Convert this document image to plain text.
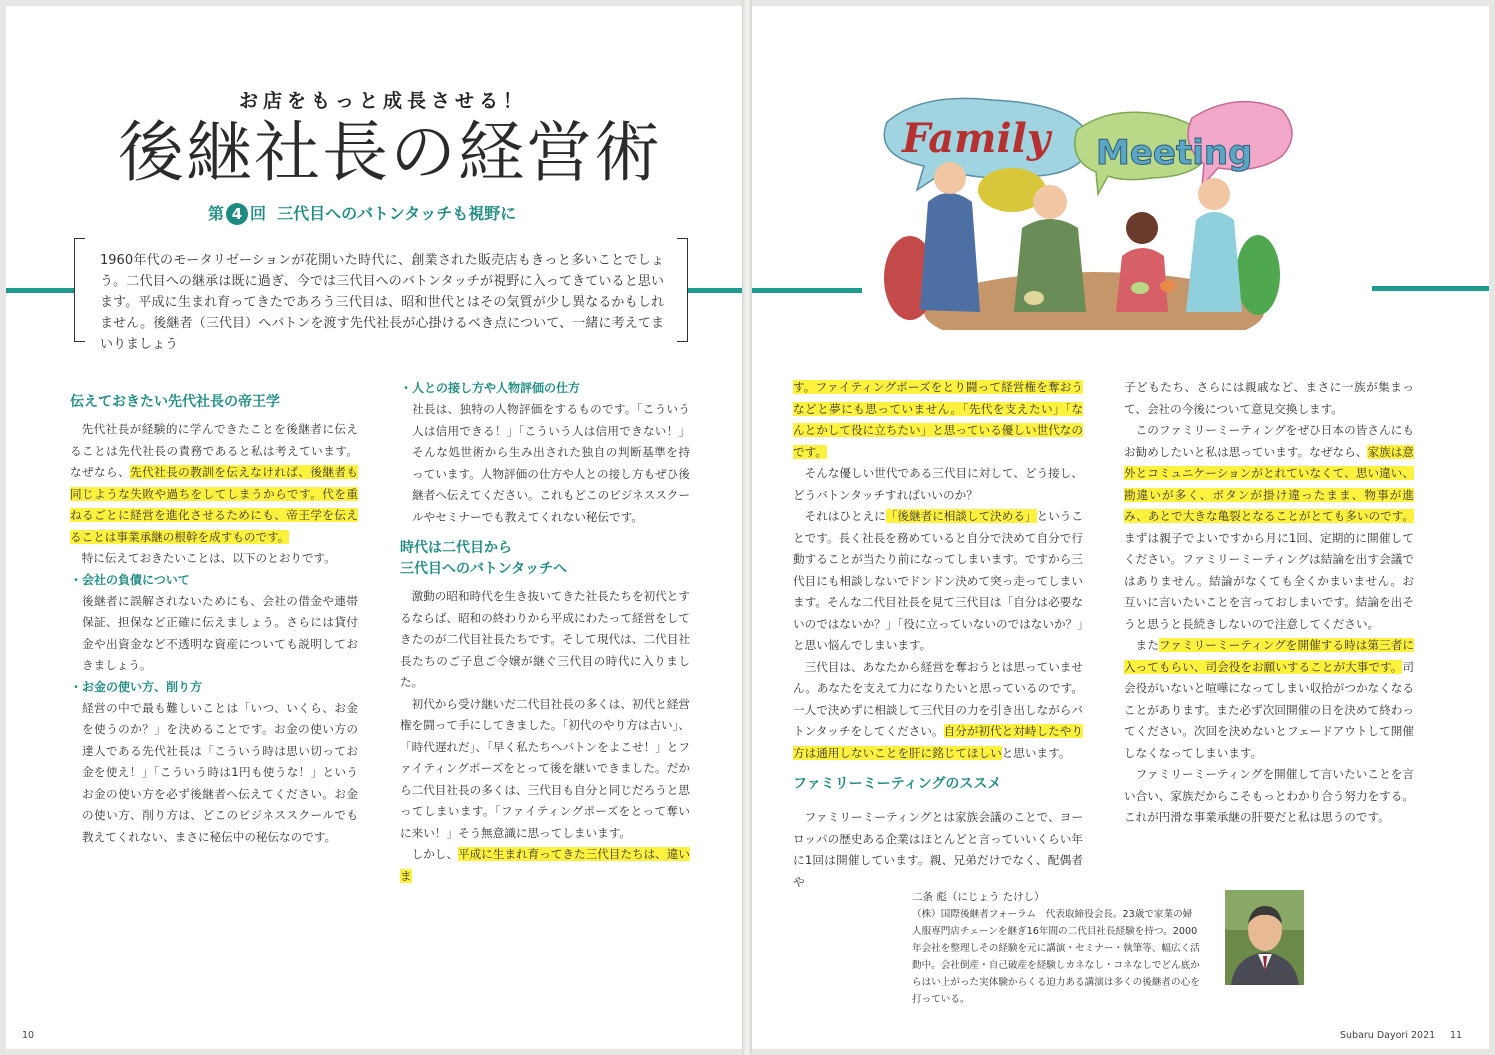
お店をもっと成長させる！
後継社長の経営術
第 4 回 三代目へのバトンタッチも視野に
1960年代のモータリゼーションが花開いた時代に、創業された販売店もきっと多いことでしょう。二代目への継承は既に過ぎ、今では三代目へのバトンタッチが視野に入ってきていると思います。平成に生まれ育ってきたであろう三代目は、昭和世代とはその気質が少し異なるかもしれません。後継者（三代目）へバトンを渡す先代社長が心掛けるべき点について、一緒に考えてまいりましょう
伝えておきたい先代社長の帝王学

先代社長が経験的に学んできたことを後継者に伝えることは先代社長の責務であると私は考えています。なぜなら、先代社長の教訓を伝えなければ、後継者も同じような失敗や過ちをしてしまうからです。代を重ねるごとに経営を進化させるためにも、帝王学を伝えることは事業承継の根幹を成すものです。

特に伝えておきたいことは、以下のとおりです。

・会社の負債について

後継者に誤解されないためにも、会社の借金や連帯保証、担保など正確に伝えましょう。さらには貸付金や出資金など不透明な資産についても説明しておきましょう。

・お金の使い方、削り方

経営の中で最も難しいことは「いつ、いくら、お金を使うのか？」を決めることです。お金の使い方の達人である先代社長は「こういう時は思い切ってお金を使え！」「こういう時は1円も使うな！」というお金の使い方を必ず後継者へ伝えてください。お金の使い方、削り方は、どこのビジネススクールでも教えてくれない、まさに秘伝中の秘伝なのです。

・人との接し方や人物評価の仕方

社長は、独特の人物評価をするものです。「こういう人は信用できる！」「こういう人は信用できない！」そんな処世術から生み出された独自の判断基準を持っています。人物評価の仕方や人との接し方もぜひ後継者へ伝えてください。これもどこのビジネススクールやセミナーでも教えてくれない秘伝です。

時代は二代目から
三代目へのバトンタッチへ

激動の昭和時代を生き抜いてきた社長たちを初代とするならば、昭和の終わりから平成にわたって経営をしてきたのが二代目社長たちです。そして現代は、二代目社長たちのご子息ご令嬢が継ぐ三代目の時代に入りました。

初代から受け継いだ二代目社長の多くは、初代と経営権を闘って手にしてきました。「初代のやり方は古い」、「時代遅れだ」、「早く私たちへバトンをよこせ！」とファイティングポーズをとって後を継いできました。だから二代目社長の多くは、三代目も自分と同じだろうと思ってしまいます。「ファイティングポーズをとって奪いに来い！」そう無意識に思ってしまいます。

しかし、平成に生まれ育ってきた三代目たちは、違いま

10
Family Meeting

す。ファイティングポーズをとり闘って経営権を奪おうなどと夢にも思っていません。「先代を支えたい」「なんとかして役に立ちたい」と思っている優しい世代なのです。

そんな優しい世代である三代目に対して、どう接し、どうバトンタッチすればいいのか？

それはひとえに「後継者に相談して決める」ということです。長く社長を務めていると自分で決めて自分で行動することが当たり前になってしまいます。ですから三代目にも相談しないでドンドン決めて突っ走ってしまいます。そんな二代目社長を見て三代目は「自分は必要ないのではないか？」「役に立っていないのではないか？」と思い悩んでしまいます。

三代目は、あなたから経営を奪おうとは思っていません。あなたを支えて力になりたいと思っているのです。一人で決めずに相談して三代目の力を引き出しながらバトンタッチをしてください。自分が初代と対峙したやり方は通用しないことを肝に銘じてほしいと思います。

ファミリーミーティングのススメ

ファミリーミーティングとは家族会議のことで、ヨーロッパの歴史ある企業はほとんどと言っていいくらい年に1回は開催しています。親、兄弟だけでなく、配偶者や

子どもたち、さらには親戚など、まさに一族が集まって、会社の今後について意見交換します。

このファミリーミーティングをぜひ日本の皆さんにもお勧めしたいと私は思っています。なぜなら、家族は意外とコミュニケーションがとれていなくて、思い違い、勘違いが多く、ボタンが掛け違ったまま、物事が進み、あとで大きな亀裂となることがとても多いのです。まずは親子でよいですから月に1回、定期的に開催してください。ファミリーミーティングは結論を出す会議ではありません。結論がなくても全くかまいません。お互いに言いたいことを言っておしまいです。結論を出そうと思うと長続きしないので注意してください。

またファミリーミーティングを開催する時は第三者に入ってもらい、司会役をお願いすることが大事です。司会役がいないと喧嘩になってしまい収拾がつかなくなることがあります。また必ず次回開催の日を決めて終わってください。次回を決めないとフェードアウトして開催しなくなってしまいます。

ファミリーミーティングを開催して言いたいことを言い合い、家族だからこそもっとわかり合う努力をする。これが円滑な事業承継の肝要だと私は思うのです。

二条 彪（にじょう たけし）
（株）国際後継者フォーラム　代表取締役会長。23歳で家業の婦人服専門店チェーンを継ぎ16年間の二代目社長経験を持つ。2000年会社を整理しその経験を元に講演・セミナー・執筆等、幅広く活動中。会社倒産・自己破産を経験しカネなし・コネなしでどん底からはい上がった実体験からくる迫力ある講演は多くの後継者の心を打っている。
Subaru Dayori 2021 11
